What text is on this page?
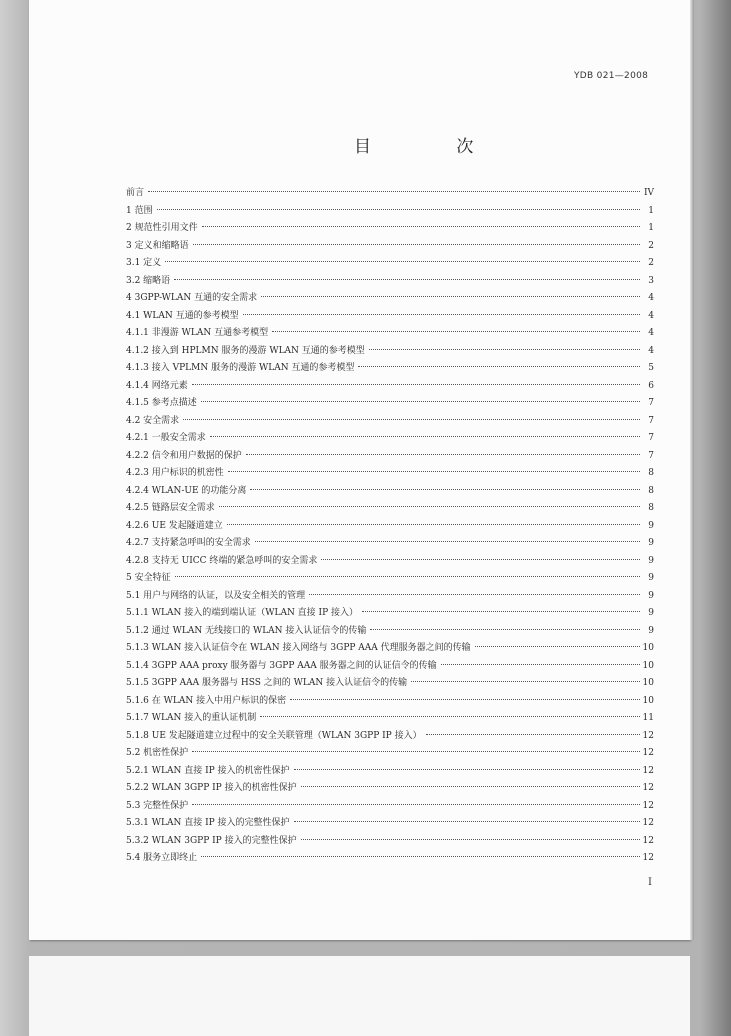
YDB 021—2008
目 次
前言	IV
1 范围	1
2 规范性引用文件	1
3 定义和缩略语	2
3.1 定义	2
3.2 缩略语	3
4 3GPP-WLAN 互通的安全需求	4
4.1 WLAN 互通的参考模型	4
4.1.1 非漫游 WLAN 互通参考模型	4
4.1.2 接入到 HPLMN 服务的漫游 WLAN 互通的参考模型	4
4.1.3 接入 VPLMN 服务的漫游 WLAN 互通的参考模型	5
4.1.4 网络元素	6
4.1.5 参考点描述	7
4.2 安全需求	7
4.2.1 一般安全需求	7
4.2.2 信令和用户数据的保护	7
4.2.3 用户标识的机密性	8
4.2.4 WLAN-UE 的功能分离	8
4.2.5 链路层安全需求	8
4.2.6 UE 发起隧道建立	9
4.2.7 支持紧急呼叫的安全需求	9
4.2.8 支持无 UICC 终端的紧急呼叫的安全需求	9
5 安全特征	9
5.1 用户与网络的认证，以及安全相关的管理	9
5.1.1 WLAN 接入的端到端认证（WLAN 直接 IP 接入）	9
5.1.2 通过 WLAN 无线接口的 WLAN 接入认证信令的传输	9
5.1.3 WLAN 接入认证信令在 WLAN 接入网络与 3GPP AAA 代理服务器之间的传输	10
5.1.4 3GPP AAA proxy 服务器与 3GPP AAA 服务器之间的认证信令的传输	10
5.1.5 3GPP AAA 服务器与 HSS 之间的 WLAN 接入认证信令的传输	10
5.1.6 在 WLAN 接入中用户标识的保密	10
5.1.7 WLAN 接入的重认证机制	11
5.1.8 UE 发起隧道建立过程中的安全关联管理（WLAN 3GPP IP 接入）	12
5.2 机密性保护	12
5.2.1 WLAN 直接 IP 接入的机密性保护	12
5.2.2 WLAN 3GPP IP 接入的机密性保护	12
5.3 完整性保护	12
5.3.1 WLAN 直接 IP 接入的完整性保护	12
5.3.2 WLAN 3GPP IP 接入的完整性保护	12
5.4 服务立即终止	12
I
